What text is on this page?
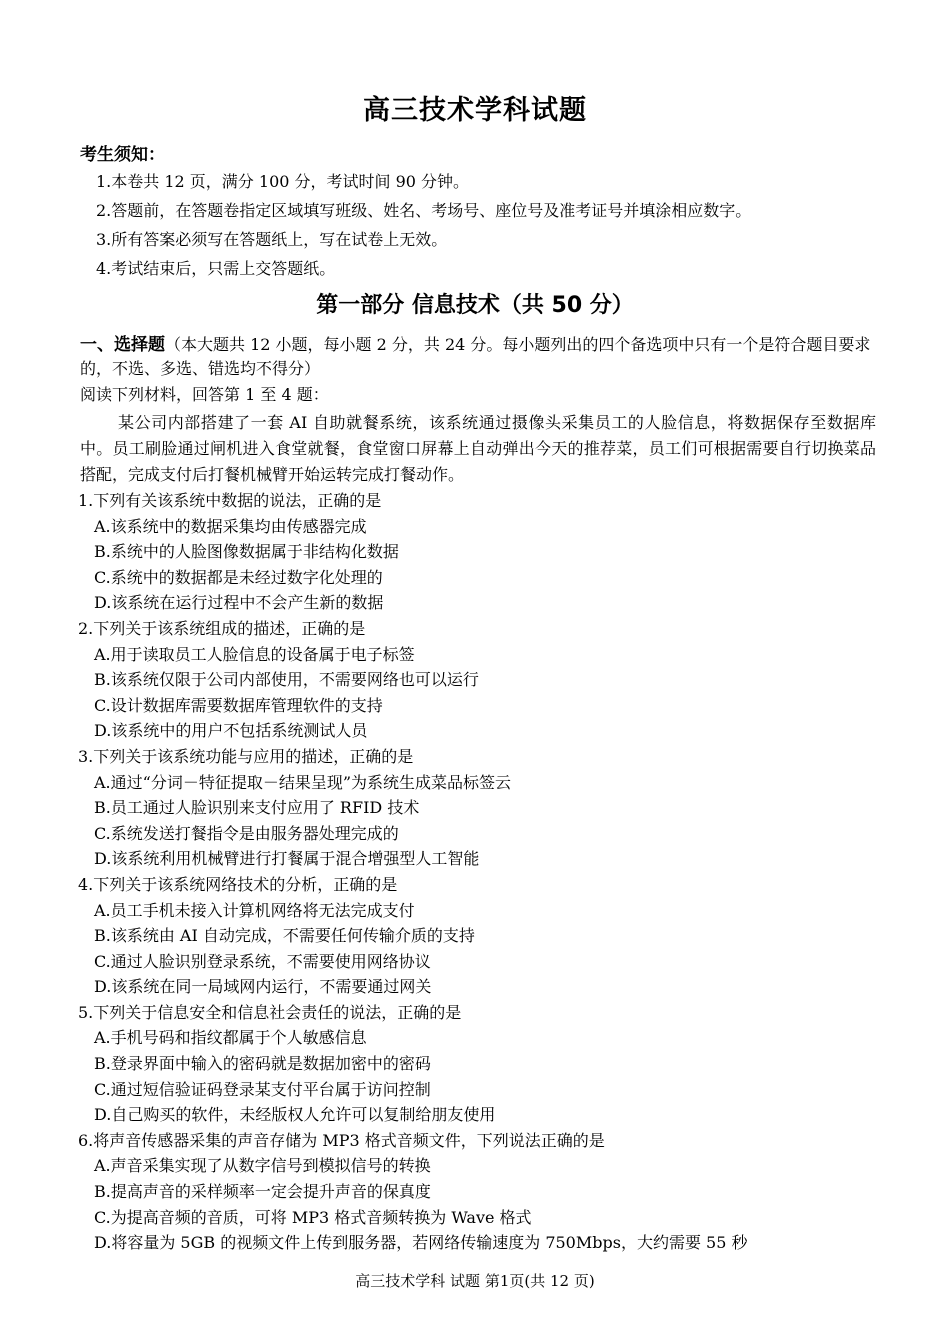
高三技术学科试题
考生须知：
1.本卷共 12 页，满分 100 分，考试时间 90 分钟。
2.答题前，在答题卷指定区域填写班级、姓名、考场号、座位号及准考证号并填涂相应数字。
3.所有答案必须写在答题纸上，写在试卷上无效。
4.考试结束后，只需上交答题纸。
第一部分 信息技术（共 50 分）
一、选择题（本大题共 12 小题，每小题 2 分，共 24 分。每小题列出的四个备选项中只有一个是符合题目要求的，不选、多选、错选均不得分）
阅读下列材料，回答第 1 至 4 题：
某公司内部搭建了一套 AI 自助就餐系统，该系统通过摄像头采集员工的人脸信息，将数据保存至数据库中。员工刷脸通过闸机进入食堂就餐，食堂窗口屏幕上自动弹出今天的推荐菜，员工们可根据需要自行切换菜品搭配，完成支付后打餐机械臂开始运转完成打餐动作。
1.下列有关该系统中数据的说法，正确的是
A.该系统中的数据采集均由传感器完成
B.系统中的人脸图像数据属于非结构化数据
C.系统中的数据都是未经过数字化处理的
D.该系统在运行过程中不会产生新的数据
2.下列关于该系统组成的描述，正确的是
A.用于读取员工人脸信息的设备属于电子标签
B.该系统仅限于公司内部使用，不需要网络也可以运行
C.设计数据库需要数据库管理软件的支持
D.该系统中的用户不包括系统测试人员
3.下列关于该系统功能与应用的描述，正确的是
A.通过“分词－特征提取－结果呈现”为系统生成菜品标签云
B.员工通过人脸识别来支付应用了 RFID 技术
C.系统发送打餐指令是由服务器处理完成的
D.该系统利用机械臂进行打餐属于混合增强型人工智能
4.下列关于该系统网络技术的分析，正确的是
A.员工手机未接入计算机网络将无法完成支付
B.该系统由 AI 自动完成，不需要任何传输介质的支持
C.通过人脸识别登录系统，不需要使用网络协议
D.该系统在同一局域网内运行，不需要通过网关
5.下列关于信息安全和信息社会责任的说法，正确的是
A.手机号码和指纹都属于个人敏感信息
B.登录界面中输入的密码就是数据加密中的密码
C.通过短信验证码登录某支付平台属于访问控制
D.自己购买的软件，未经版权人允许可以复制给朋友使用
6.将声音传感器采集的声音存储为 MP3 格式音频文件，下列说法正确的是
A.声音采集实现了从数字信号到模拟信号的转换
B.提高声音的采样频率一定会提升声音的保真度
C.为提高音频的音质，可将 MP3 格式音频转换为 Wave 格式
D.将容量为 5GB 的视频文件上传到服务器，若网络传输速度为 750Mbps，大约需要 55 秒
高三技术学科 试题 第1页(共 12 页)
